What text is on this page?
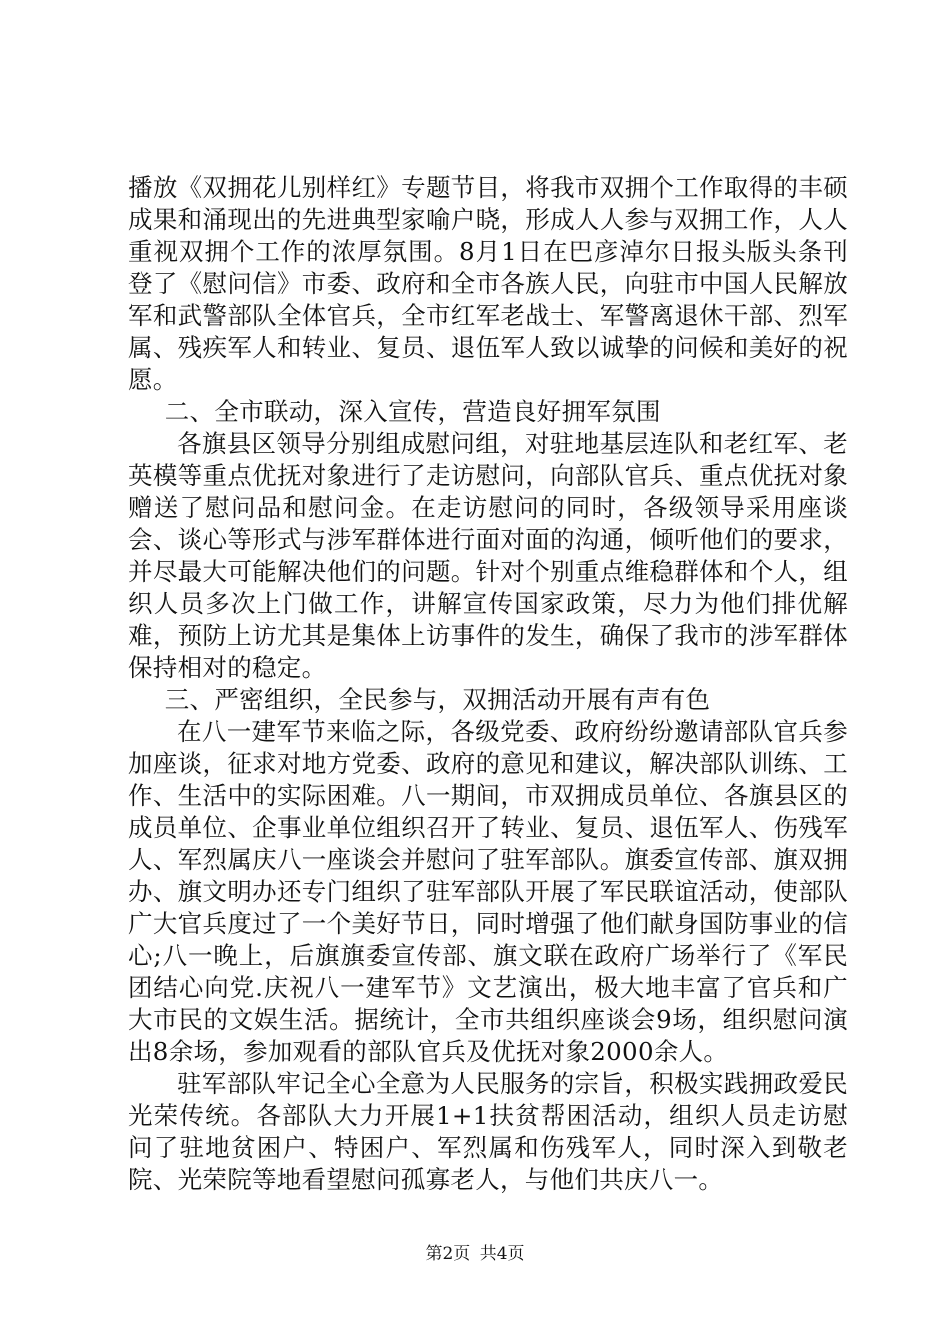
播放《双拥花儿别样红》专题节目，将我市双拥个工作取得的丰硕成果和涌现出的先进典型家喻户晓，形成人人参与双拥工作，人人重视双拥个工作的浓厚氛围。8月1日在巴彦淖尔日报头版头条刊登了《慰问信》市委、政府和全市各族人民，向驻市中国人民解放军和武警部队全体官兵，全市红军老战士、军警离退休干部、烈军属、残疾军人和转业、复员、退伍军人致以诚挚的问候和美好的祝愿。

二、全市联动，深入宣传，营造良好拥军氛围

各旗县区领导分别组成慰问组，对驻地基层连队和老红军、老英模等重点优抚对象进行了走访慰问，向部队官兵、重点优抚对象赠送了慰问品和慰问金。在走访慰问的同时，各级领导采用座谈会、谈心等形式与涉军群体进行面对面的沟通，倾听他们的要求，并尽最大可能解决他们的问题。针对个别重点维稳群体和个人，组织人员多次上门做工作，讲解宣传国家政策，尽力为他们排优解难，预防上访尤其是集体上访事件的发生，确保了我市的涉军群体保持相对的稳定。

三、严密组织，全民参与，双拥活动开展有声有色

在八一建军节来临之际，各级党委、政府纷纷邀请部队官兵参加座谈，征求对地方党委、政府的意见和建议，解决部队训练、工作、生活中的实际困难。八一期间，市双拥成员单位、各旗县区的成员单位、企事业单位组织召开了转业、复员、退伍军人、伤残军人、军烈属庆八一座谈会并慰问了驻军部队。旗委宣传部、旗双拥办、旗文明办还专门组织了驻军部队开展了军民联谊活动，使部队广大官兵度过了一个美好节日，同时增强了他们献身国防事业的信心;八一晚上，后旗旗委宣传部、旗文联在政府广场举行了《军民团结心向党.庆祝八一建军节》文艺演出，极大地丰富了官兵和广大市民的文娱生活。据统计，全市共组织座谈会9场，组织慰问演出8余场，参加观看的部队官兵及优抚对象2000余人。

驻军部队牢记全心全意为人民服务的宗旨，积极实践拥政爱民光荣传统。各部队大力开展1+1扶贫帮困活动，组织人员走访慰问了驻地贫困户、特困户、军烈属和伤残军人，同时深入到敬老院、光荣院等地看望慰问孤寡老人，与他们共庆八一。

第2页 共4页
